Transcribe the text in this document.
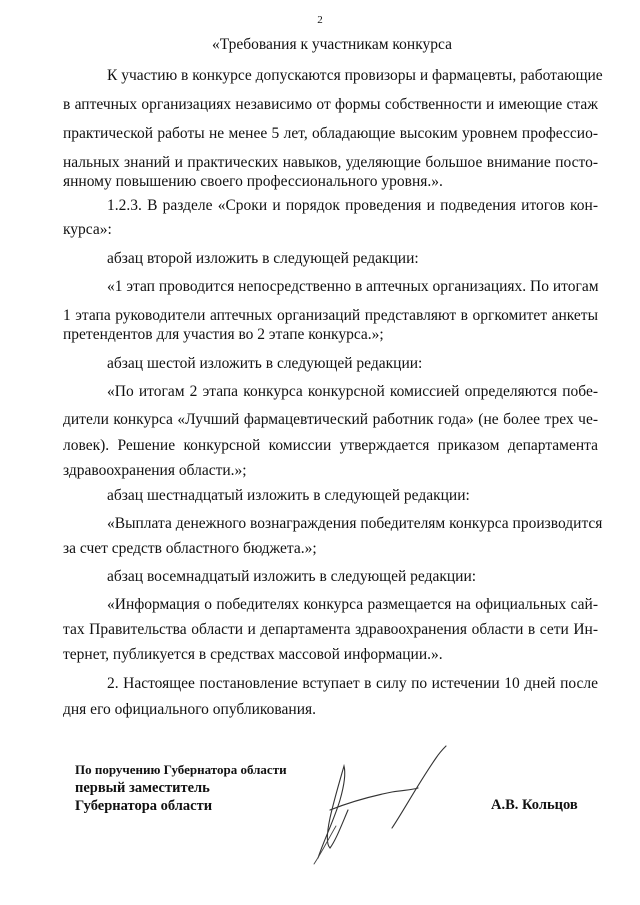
2
«Требования к участникам конкурса
К участию в конкурсе допускаются провизоры и фармацевты, работающие
в аптечных организациях независимо от формы собственности и имеющие стаж
практической работы не менее 5 лет, обладающие высоким уровнем профессио-
нальных знаний и практических навыков, уделяющие большое внимание посто-
янному повышению своего профессионального уровня.».
1.2.3. В разделе «Сроки и порядок проведения и подведения итогов кон-
курса»:
абзац второй изложить в следующей редакции:
«1 этап проводится непосредственно в аптечных организациях. По итогам
1 этапа руководители аптечных организаций представляют в оргкомитет анкеты
претендентов для участия во 2 этапе конкурса.»;
абзац шестой изложить в следующей редакции:
«По итогам 2 этапа конкурса конкурсной комиссией определяются побе-
дители конкурса «Лучший фармацевтический работник года» (не более трех че-
ловек). Решение конкурсной комиссии утверждается приказом департамента
здравоохранения области.»;
абзац шестнадцатый изложить в следующей редакции:
«Выплата денежного вознаграждения победителям конкурса производится
за счет средств областного бюджета.»;
абзац восемнадцатый изложить в следующей редакции:
«Информация о победителях конкурса размещается на официальных сай-
тах Правительства области и департамента здравоохранения области в сети Ин-
тернет, публикуется в средствах массовой информации.».
2. Настоящее постановление вступает в силу по истечении 10 дней после
дня его официального опубликования.
По поручению Губернатора области
первый заместитель
Губернатора области	А.В. Кольцов
